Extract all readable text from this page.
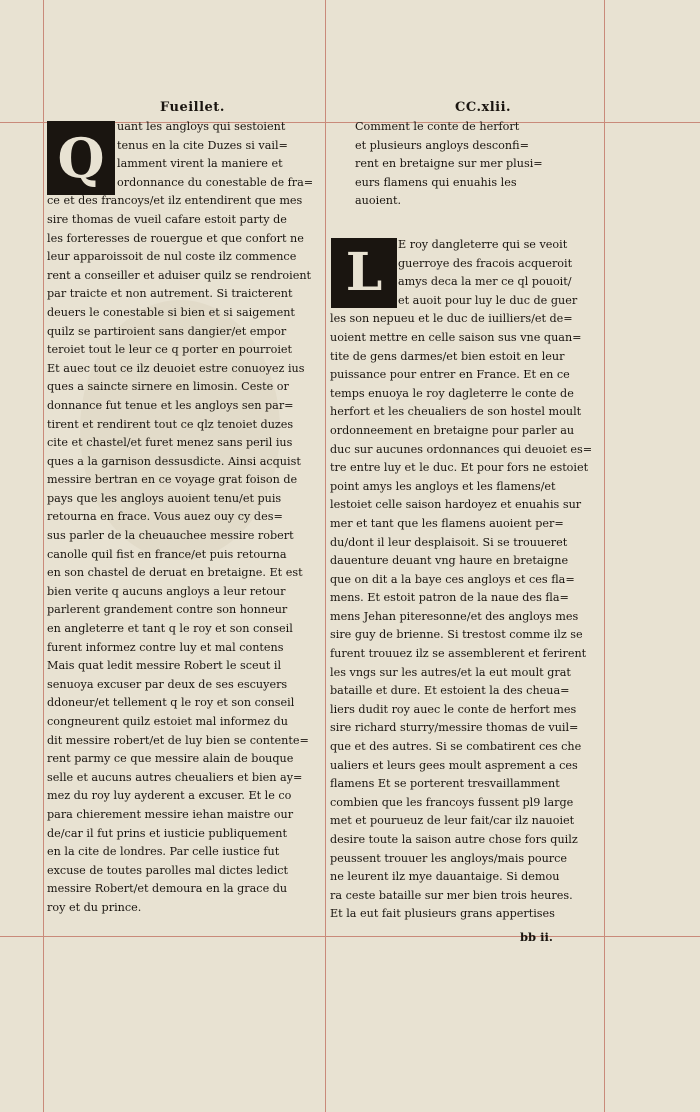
Fueillet.	CC.xlii.
Q	uant les angloys qui sestoient
tenus en la cite Duzes si vail=
lamment virent la maniere et
ordonnance du conestable de fra=
ce et des francoys/et ilz entendirent que mes
sire thomas de vueil cafare estoit party de
les forteresses de rouergue et que confort ne
leur apparoissoit de nul coste ilz commence
rent a conseiller et aduiser quilz se rendroient
par traicte et non autrement. Si traicterent
deuers le conestable si bien et si saigement
quilz se partiroient sans dangier/et empor
teroiet tout le leur ce q porter en pourroiet
Et auec tout ce ilz deuoiet estre conuoyez ius
ques a saincte sirnere en limosin. Ceste or
donnance fut tenue et les angloys sen par=
tirent et rendirent tout ce qlz tenoiet duzes
cite et chastel/et furet menez sans peril ius
ques a la garnison dessusdicte. Ainsi acquist
messire bertran en ce voyage grat foison de
pays que les angloys auoient tenu/et puis
retourna en frace. Vous auez ouy cy des=
sus parler de la cheuauchee messire robert
canolle quil fist en france/et puis retourna
en son chastel de deruat en bretaigne. Et est
bien verite q aucuns angloys a leur retour
parlerent grandement contre son honneur
en angleterre et tant q le roy et son conseil
furent informez contre luy et mal contens
Mais quat ledit messire Robert le sceut il
senuoya excuser par deux de ses escuyers
ddoneur/et tellement q le roy et son conseil
congneurent quilz estoiet mal informez du
dit messire robert/et de luy bien se contente=
rent parmy ce que messire alain de bouque
selle et aucuns autres cheualiers et bien ay=
mez du roy luy ayderent a excuser. Et le co
para chierement messire iehan maistre our
de/car il fut prins et iusticie publiquement
en la cite de londres. Par celle iustice fut
excuse de toutes parolles mal dictes ledict
messire Robert/et demoura en la grace du
roy et du prince.
Comment le conte de herfort
et plusieurs angloys desconfi=
rent en bretaigne sur mer plusi=
eurs flamens qui enuahis les
auoient.
L	E roy dangleterre qui se veoit
guerroye des fracois acqueroit
amys deca la mer ce ql pouoit/
et auoit pour luy le duc de guer
les son nepueu et le duc de iuilliers/et de=
uoient mettre en celle saison sus vne quan=
tite de gens darmes/et bien estoit en leur
puissance pour entrer en France. Et en ce
temps enuoya le roy dagleterre le conte de
herfort et les cheualiers de son hostel moult
ordonneement en bretaigne pour parler au
duc sur aucunes ordonnances qui deuoiet es=
tre entre luy et le duc. Et pour fors ne estoiet
point amys les angloys et les flamens/et
lestoiet celle saison hardoyez et enuahis sur
mer et tant que les flamens auoient per=
du/dont il leur desplaisoit. Si se trouueret
dauenture deuant vng haure en bretaigne
que on dit a la baye ces angloys et ces fla=
mens. Et estoit patron de la naue des fla=
mens Jehan piteresonne/et des angloys mes
sire guy de brienne. Si trestost comme ilz se
furent trouuez ilz se assemblerent et ferirent
les vngs sur les autres/et la eut moult grat
bataille et dure. Et estoient la des cheua=
liers dudit roy auec le conte de herfort mes
sire richard sturry/messire thomas de vuil=
que et des autres. Si se combatirent ces che
ualiers et leurs gees moult asprement a ces
flamens Et se porterent tresvaillamment
combien que les francoys fussent pl9 large
met et pourueuz de leur fait/car ilz nauoiet
desire toute la saison autre chose fors quilz
peussent trouuer les angloys/mais pource
ne leurent ilz mye dauantaige. Si demou
ra ceste bataille sur mer bien trois heures.
Et la eut fait plusieurs grans appertises
bb ii.
